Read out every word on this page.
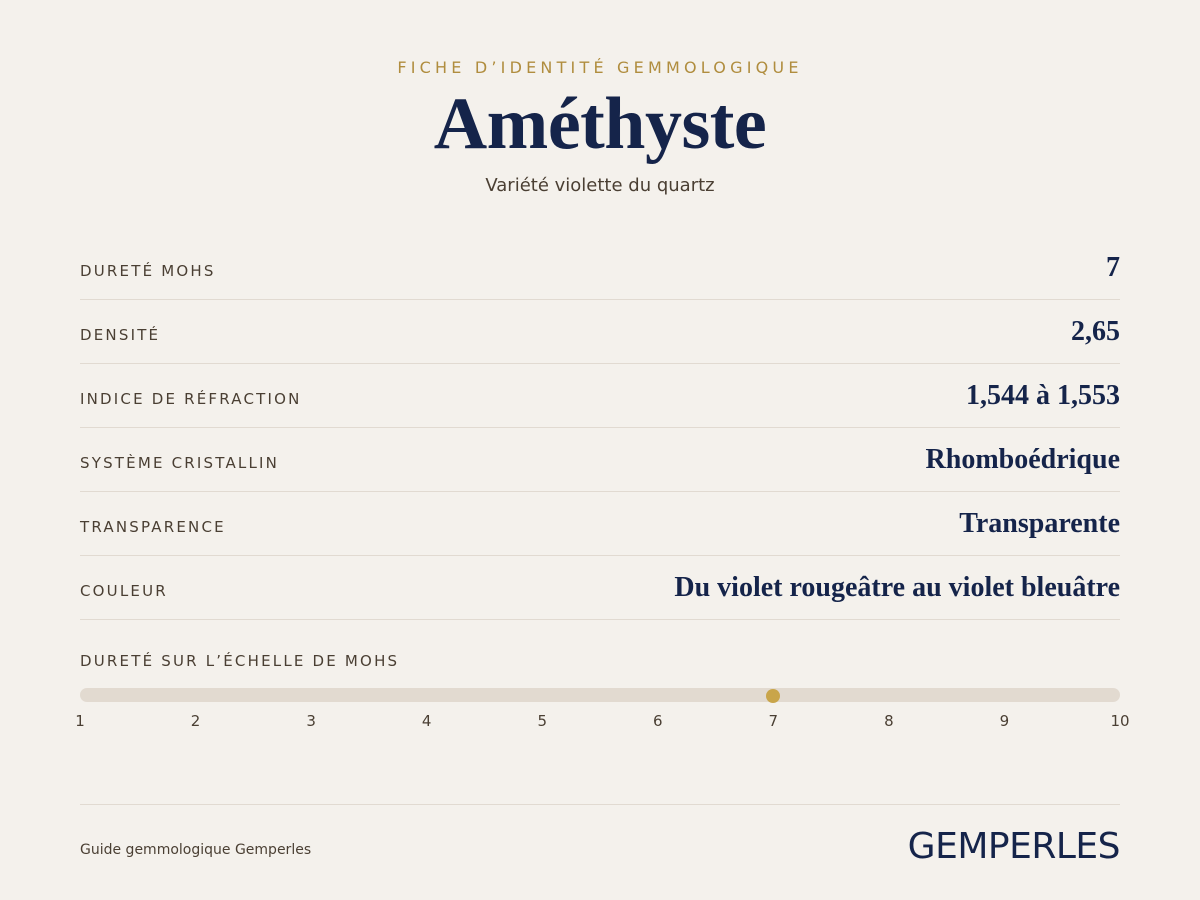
FICHE D’IDENTITÉ GEMMOLOGIQUE
Améthyste
Variété violette du quartz
DURETÉ MOHS	7
DENSITÉ	2,65
INDICE DE RÉFRACTION	1,544 à 1,553
SYSTÈME CRISTALLIN	Rhomboédrique
TRANSPARENCE	Transparente
COULEUR	Du violet rougeâtre au violet bleuâtre
DURETÉ SUR L’ÉCHELLE DE MOHS
1	2	3	4	5	6	7	8	9	10
Guide gemmologique Gemperles	GEMPERLES
